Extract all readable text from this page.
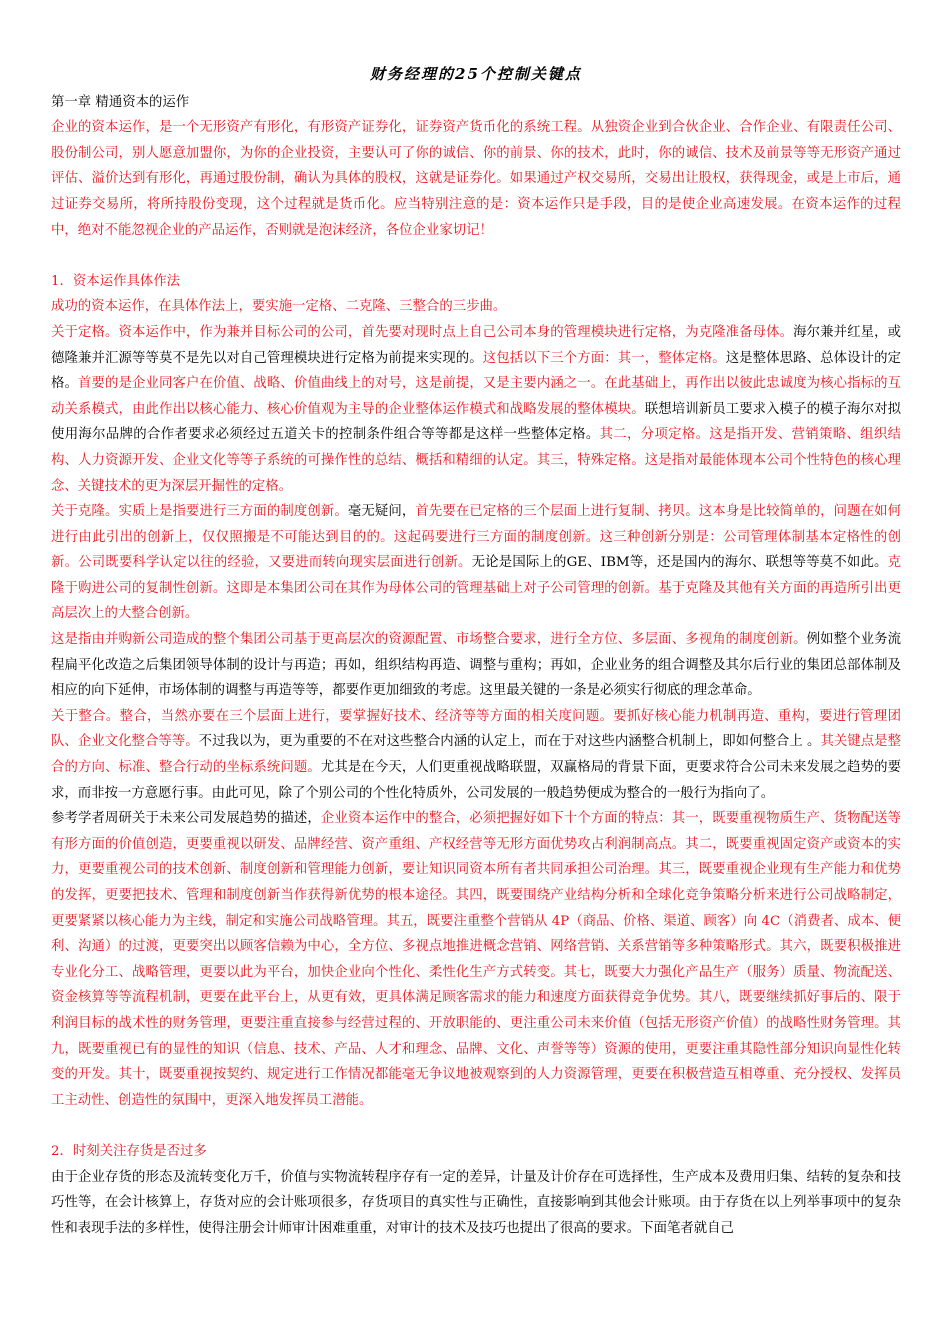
财务经理的25个控制关键点
第一章 精通资本的运作
企业的资本运作，是一个无形资产有形化，有形资产证券化，证券资产货币化的系统工程。从独资企业到合伙企业、合作企业、有限责任公司、股份制公司，别人愿意加盟你，为你的企业投资，主要认可了你的诚信、你的前景、你的技术，此时，你的诚信、技术及前景等等无形资产通过评估、溢价达到有形化，再通过股份制，确认为具体的股权，这就是证券化。如果通过产权交易所，交易出让股权，获得现金，或是上市后，通过证券交易所，将所持股份变现，这个过程就是货币化。应当特别注意的是：资本运作只是手段，目的是使企业高速发展。在资本运作的过程中，绝对不能忽视企业的产品运作，否则就是泡沫经济，各位企业家切记！
1．资本运作具体作法
成功的资本运作，在具体作法上，要实施一定格、二克隆、三整合的三步曲。
关于定格。资本运作中，作为兼并目标公司的公司，首先要对现时点上自己公司本身的管理模块进行定格，为克隆准备母体。海尔兼并红星，或德隆兼并汇源等等莫不是先以对自己管理模块进行定格为前提来实现的。这包括以下三个方面：其一，整体定格。这是整体思路、总体设计的定格。首要的是企业同客户在价值、战略、价值曲线上的对号，这是前提，又是主要内涵之一。在此基础上，再作出以彼此忠诚度为核心指标的互动关系模式，由此作出以核心能力、核心价值观为主导的企业整体运作模式和战略发展的整体模块。联想培训新员工要求入模子的模子海尔对拟使用海尔品牌的合作者要求必须经过五道关卡的控制条件组合等等都是这样一些整体定格。其二，分项定格。这是指开发、营销策略、组织结构、人力资源开发、企业文化等等子系统的可操作性的总结、概括和精细的认定。其三，特殊定格。这是指对最能体现本公司个性特色的核心理念、关键技术的更为深层开掘性的定格。
关于克隆。实质上是指要进行三方面的制度创新。毫无疑问，首先要在已定格的三个层面上进行复制、拷贝。这本身是比较简单的，问题在如何进行由此引出的创新上，仅仅照搬是不可能达到目的的。这起码要进行三方面的制度创新。这三种创新分别是：公司管理体制基本定格性的创新。公司既要科学认定以往的经验，又要进而转向现实层面进行创新。无论是国际上的GE、IBM等，还是国内的海尔、联想等等莫不如此。克隆于购进公司的复制性创新。这即是本集团公司在其作为母体公司的管理基础上对子公司管理的创新。基于克隆及其他有关方面的再造所引出更高层次上的大整合创新。
这是指由并购新公司造成的整个集团公司基于更高层次的资源配置、市场整合要求，进行全方位、多层面、多视角的制度创新。例如整个业务流程扁平化改造之后集团领导体制的设计与再造；再如，组织结构再造、调整与重构；再如，企业业务的组合调整及其尔后行业的集团总部体制及相应的向下延伸，市场体制的调整与再造等等，都要作更加细致的考虑。这里最关键的一条是必须实行彻底的理念革命。
关于整合。整合，当然亦要在三个层面上进行，要掌握好技术、经济等等方面的相关度问题。要抓好核心能力机制再造、重构，要进行管理团队、企业文化整合等等。不过我以为，更为重要的不在对这些整合内涵的认定上，而在于对这些内涵整合机制上，即如何整合上 。其关键点是整合的方向、标准、整合行动的坐标系统问题。尤其是在今天，人们更重视战略联盟，双赢格局的背景下面，更要求符合公司未来发展之趋势的要求，而非按一方意愿行事。由此可见，除了个别公司的个性化特质外，公司发展的一般趋势便成为整合的一般行为指向了。
参考学者周研关于未来公司发展趋势的描述，企业资本运作中的整合，必须把握好如下十个方面的特点：其一，既要重视物质生产、货物配送等有形方面的价值创造，更要重视以研发、品牌经营、资产重组、产权经营等无形方面优势攻占利润制高点。其二，既要重视固定资产或资本的实力，更要重视公司的技术创新、制度创新和管理能力创新，要让知识同资本所有者共同承担公司治理。其三，既要重视企业现有生产能力和优势的发挥，更要把技术、管理和制度创新当作获得新优势的根本途径。其四，既要围绕产业结构分析和全球化竞争策略分析来进行公司战略制定，更要紧紧以核心能力为主线，制定和实施公司战略管理。其五，既要注重整个营销从 4P（商品、价格、渠道、顾客）向 4C（消费者、成本、便利、沟通）的过渡，更要突出以顾客信赖为中心，全方位、多视点地推进概念营销、网络营销、关系营销等多种策略形式。其六，既要积极推进专业化分工、战略管理，更要以此为平台，加快企业向个性化、柔性化生产方式转变。其七，既要大力强化产品生产（服务）质量、物流配送、资金核算等等流程机制，更要在此平台上，从更有效，更具体满足顾客需求的能力和速度方面获得竞争优势。其八，既要继续抓好事后的、限于利润目标的战术性的财务管理，更要注重直接参与经营过程的、开放职能的、更注重公司未来价值（包括无形资产价值）的战略性财务管理。其九，既要重视已有的显性的知识（信息、技术、产品、人才和理念、品牌、文化、声誉等等）资源的使用，更要注重其隐性部分知识向显性化转变的开发。其十，既要重视按契约、规定进行工作情况都能毫无争议地被观察到的人力资源管理，更要在积极营造互相尊重、充分授权、发挥员工主动性、创造性的氛围中，更深入地发挥员工潜能。
2．时刻关注存货是否过多
由于企业存货的形态及流转变化万千，价值与实物流转程序存有一定的差异，计量及计价存在可选择性，生产成本及费用归集、结转的复杂和技巧性等，在会计核算上，存货对应的会计账项很多，存货项目的真实性与正确性，直接影响到其他会计账项。由于存货在以上列举事项中的复杂性和表现手法的多样性，使得注册会计师审计困难重重，对审计的技术及技巧也提出了很高的要求。下面笔者就自己
